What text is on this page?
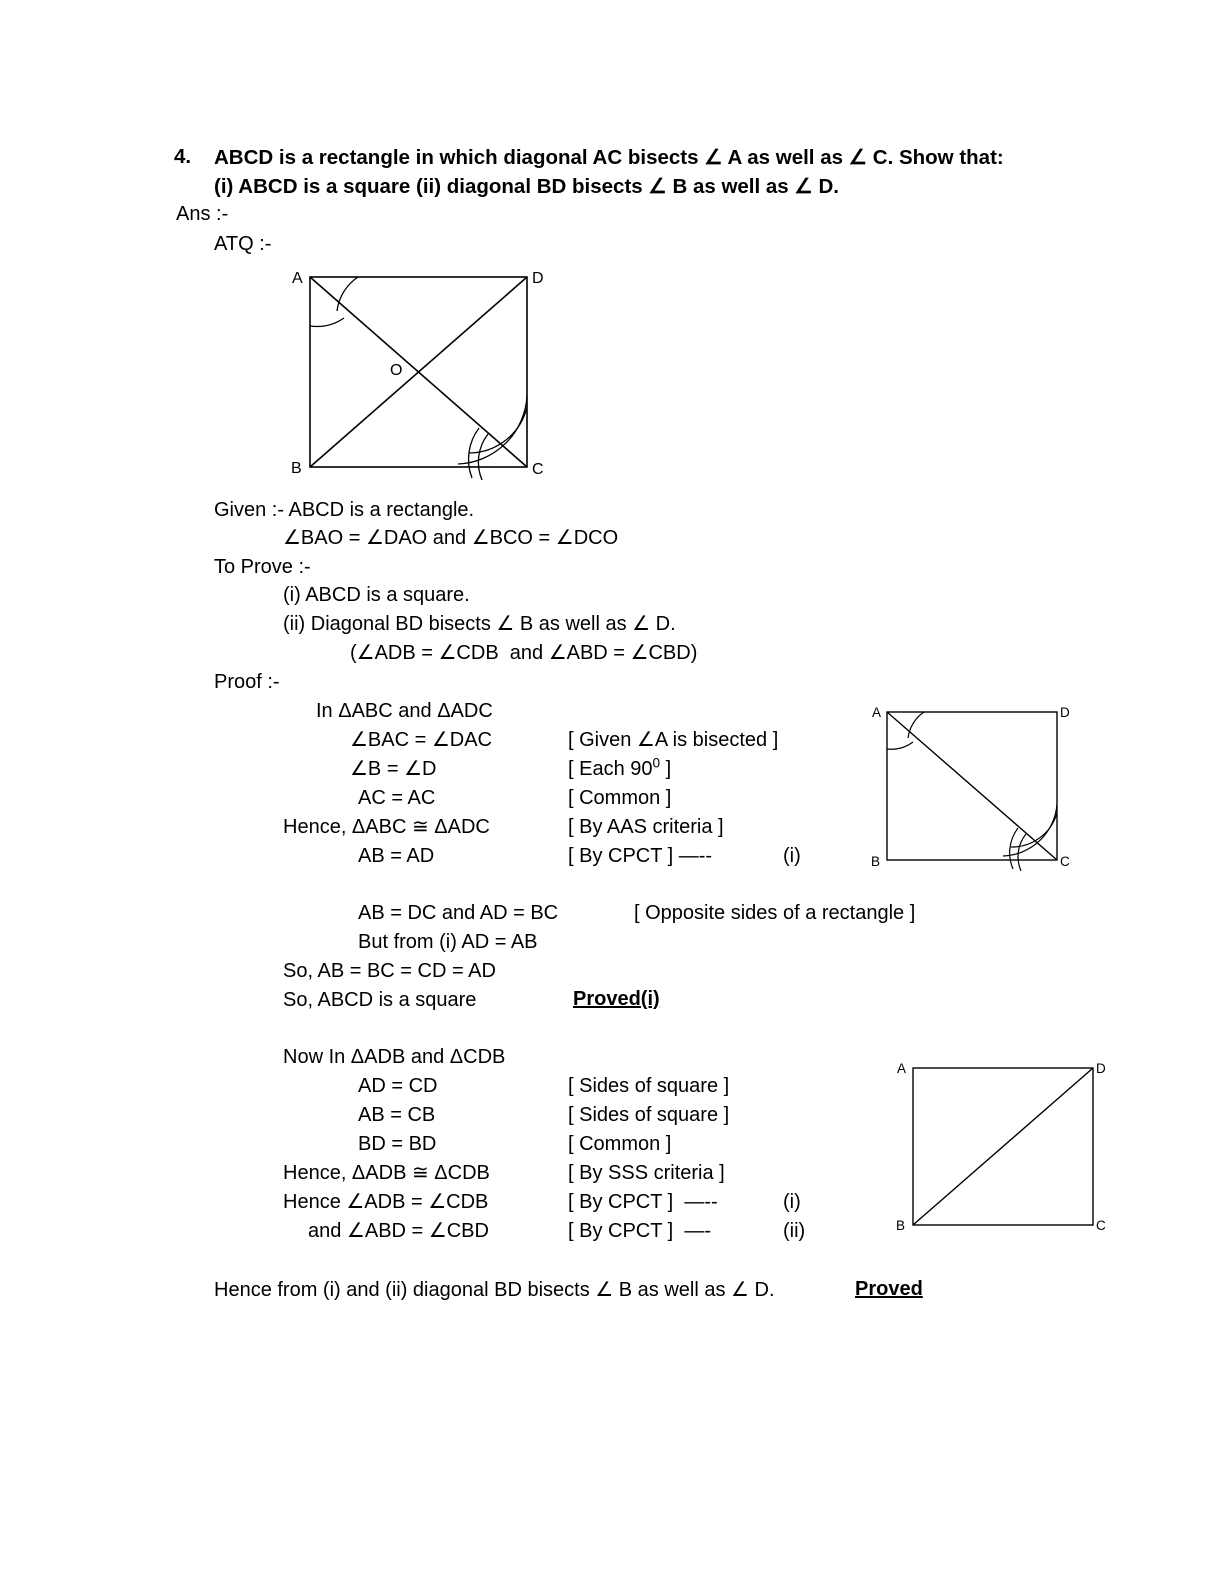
4. ABCD is a rectangle in which diagonal AC bisects ∠ A as well as ∠ C. Show that:
(i) ABCD is a square (ii) diagonal BD bisects ∠ B as well as ∠ D.
Ans :-
ATQ :-
A	D
B	C
O
Given :- ABCD is a rectangle.
∠BAO = ∠DAO and ∠BCO = ∠DCO
To Prove :-
(i) ABCD is a square.
(ii) Diagonal BD bisects ∠ B as well as ∠ D.
(∠ADB = ∠CDB  and ∠ABD = ∠CBD)
Proof :-
In ΔABC and ΔADC
∠BAC = ∠DAC	[ Given ∠A is bisected ]
∠B = ∠D	[ Each $90^0$ ]
AC = AC	[ Common ]
Hence, ΔABC ≅ ΔADC	[ By AAS criteria ]
AB = AD	[ By CPCT ] —--	(i)
A	D
B	C
AB = DC and AD = BC	[ Opposite sides of a rectangle ]
But from (i) AD = AB
So, AB = BC = CD = AD
So, ABCD is a square	Proved(i)
Now In ΔADB and ΔCDB
AD = CD	[ Sides of square ]
AB = CB	[ Sides of square ]
BD = BD	[ Common ]
Hence, ΔADB ≅ ΔCDB	[ By SSS criteria ]
Hence ∠ADB = ∠CDB	[ By CPCT ]  —--	(i)
and ∠ABD = ∠CBD	[ By CPCT ]  —-	(ii)
A	D
B	C
Hence from (i) and (ii) diagonal BD bisects ∠ B as well as ∠ D.	Proved
